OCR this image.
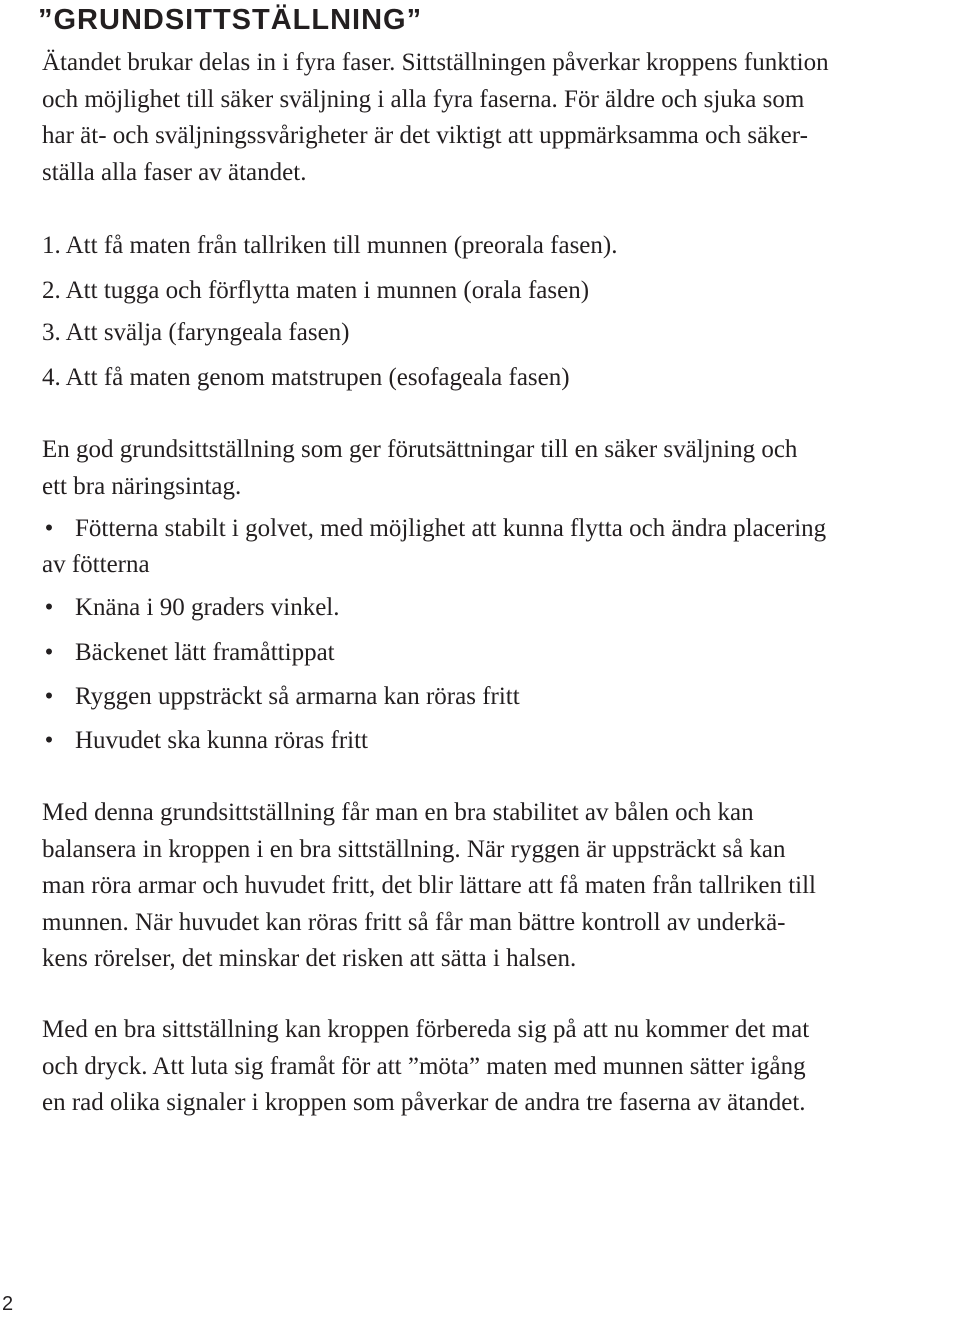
”GRUNDSITTSTÄLLNING”
Ätandet brukar delas in i fyra faser. Sittställningen påverkar kroppens funktion
och möjlighet till säker sväljning i alla fyra faserna. För äldre och sjuka som
har ät- och sväljningssvårigheter är det viktigt att uppmärksamma och säker-
ställa alla faser av ätandet.
1. Att få maten från tallriken till munnen (preorala fasen).
2. Att tugga och förflytta maten i munnen (orala fasen)
3. Att svälja (faryngeala fasen)
4. Att få maten genom matstrupen (esofageala fasen)
En god grundsittställning som ger förutsättningar till en säker sväljning och
ett bra näringsintag.
• Fötterna stabilt i golvet, med möjlighet att kunna flytta och ändra placering
av fötterna
• Knäna i 90 graders vinkel.
• Bäckenet lätt framåttippat
• Ryggen uppsträckt så armarna kan röras fritt
• Huvudet ska kunna röras fritt
Med denna grundsittställning får man en bra stabilitet av bålen och kan
balansera in kroppen i en bra sittställning. När ryggen är uppsträckt så kan
man röra armar och huvudet fritt, det blir lättare att få maten från tallriken till
munnen. När huvudet kan röras fritt så får man bättre kontroll av underkä-
kens rörelser, det minskar det risken att sätta i halsen.
Med en bra sittställning kan kroppen förbereda sig på att nu kommer det mat
och dryck. Att luta sig framåt för att ”möta” maten med munnen sätter igång
en rad olika signaler i kroppen som påverkar de andra tre faserna av ätandet.
2
